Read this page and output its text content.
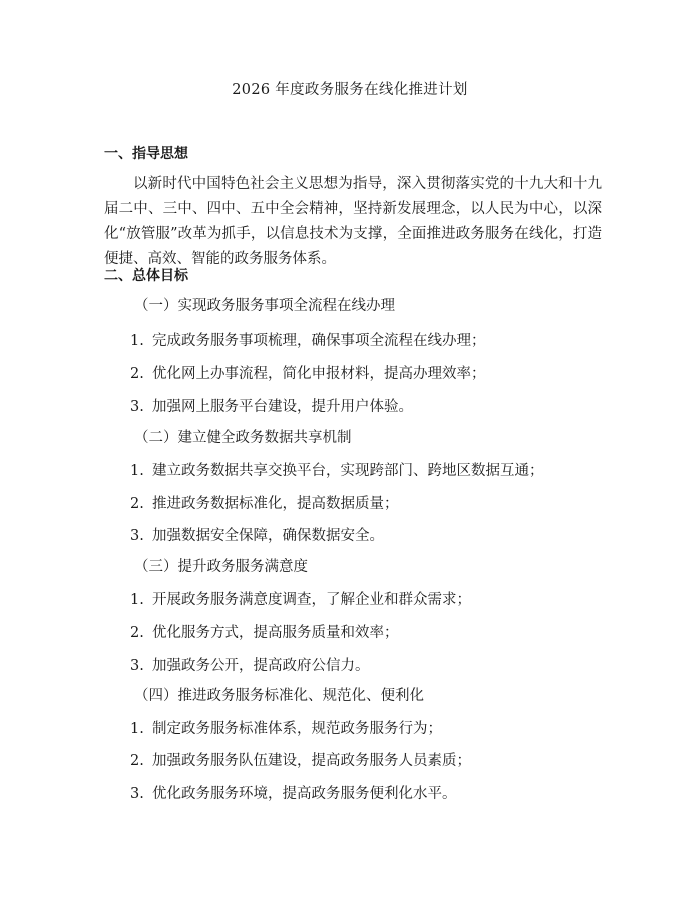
2026 年度政务服务在线化推进计划
一、指导思想

以新时代中国特色社会主义思想为指导，深入贯彻落实党的十九大和十九届二中、三中、四中、五中全会精神，坚持新发展理念，以人民为中心，以深化“放管服”改革为抓手，以信息技术为支撑，全面推进政务服务在线化，打造便捷、高效、智能的政务服务体系。

二、总体目标
（一）实现政务服务事项全流程在线办理
1. 完成政务服务事项梳理，确保事项全流程在线办理；
2. 优化网上办事流程，简化申报材料，提高办理效率；
3. 加强网上服务平台建设，提升用户体验。
（二）建立健全政务数据共享机制
1. 建立政务数据共享交换平台，实现跨部门、跨地区数据互通；
2. 推进政务数据标准化，提高数据质量；
3. 加强数据安全保障，确保数据安全。
（三）提升政务服务满意度
1. 开展政务服务满意度调查，了解企业和群众需求；
2. 优化服务方式，提高服务质量和效率；
3. 加强政务公开，提高政府公信力。
（四）推进政务服务标准化、规范化、便利化
1. 制定政务服务标准体系，规范政务服务行为；
2. 加强政务服务队伍建设，提高政务服务人员素质；
3. 优化政务服务环境，提高政务服务便利化水平。
